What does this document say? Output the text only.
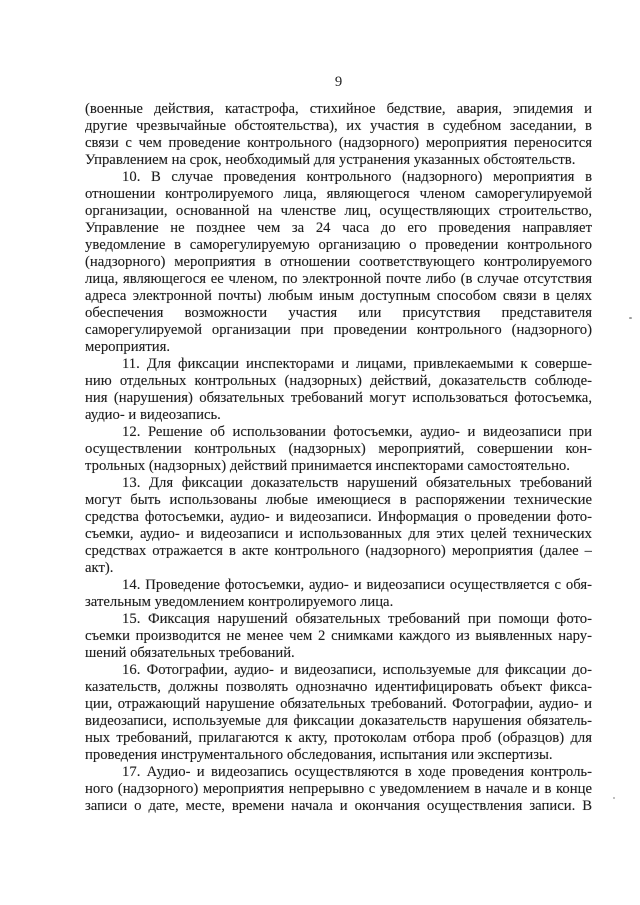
9
(военные действия, катастрофа, стихийное бедствие, авария, эпидемия и
другие чрезвычайные обстоятельства), их участия в судебном заседании, в
связи с чем проведение контрольного (надзорного) мероприятия переносится
Управлением на срок, необходимый для устранения указанных обстоятельств.
10. В случае проведения контрольного (надзорного) мероприятия в
отношении контролируемого лица, являющегося членом саморегулируемой
организации, основанной на членстве лиц, осуществляющих строительство,
Управление не позднее чем за 24 часа до его проведения направляет
уведомление в саморегулируемую организацию о проведении контрольного
(надзорного) мероприятия в отношении соответствующего контролируемого
лица, являющегося ее членом, по электронной почте либо (в случае отсутствия
адреса электронной почты) любым иным доступным способом связи в целях
обеспечения возможности участия или присутствия представителя
саморегулируемой организации при проведении контрольного (надзорного)
мероприятия.
11. Для фиксации инспекторами и лицами, привлекаемыми к соверше-
нию отдельных контрольных (надзорных) действий, доказательств соблюде-
ния (нарушения) обязательных требований могут использоваться фотосъемка,
аудио- и видеозапись.
12. Решение об использовании фотосъемки, аудио- и видеозаписи при
осуществлении контрольных (надзорных) мероприятий, совершении кон-
трольных (надзорных) действий принимается инспекторами самостоятельно.
13. Для фиксации доказательств нарушений обязательных требований
могут быть использованы любые имеющиеся в распоряжении технические
средства фотосъемки, аудио- и видеозаписи. Информация о проведении фото-
съемки, аудио- и видеозаписи и использованных для этих целей технических
средствах отражается в акте контрольного (надзорного) мероприятия (далее –
акт).
14. Проведение фотосъемки, аудио- и видеозаписи осуществляется с обя-
зательным уведомлением контролируемого лица.
15. Фиксация нарушений обязательных требований при помощи фото-
съемки производится не менее чем 2 снимками каждого из выявленных нару-
шений обязательных требований.
16. Фотографии, аудио- и видеозаписи, используемые для фиксации до-
казательств, должны позволять однозначно идентифицировать объект фикса-
ции, отражающий нарушение обязательных требований. Фотографии, аудио- и
видеозаписи, используемые для фиксации доказательств нарушения обязатель-
ных требований, прилагаются к акту, протоколам отбора проб (образцов) для
проведения инструментального обследования, испытания или экспертизы.
17. Аудио- и видеозапись осуществляются в ходе проведения контроль-
ного (надзорного) мероприятия непрерывно с уведомлением в начале и в конце
записи о дате, месте, времени начала и окончания осуществления записи. В
